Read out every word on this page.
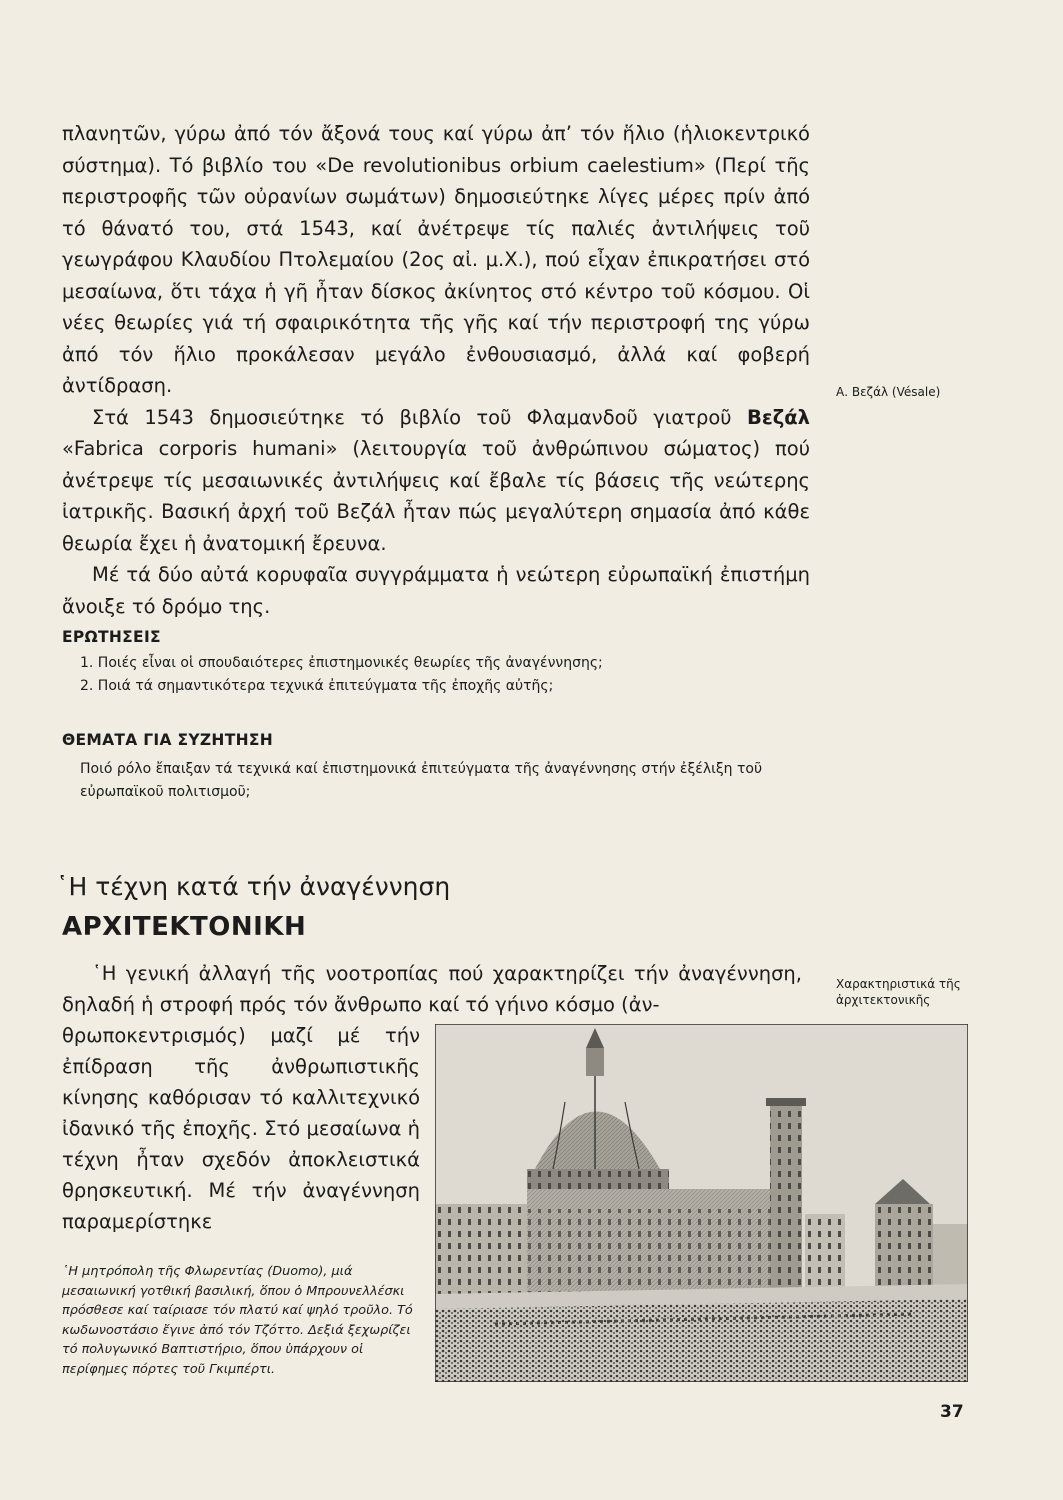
πλανητῶν, γύρω ἀπό τόν ἄξονά τους καί γύρω ἀπ’ τόν ἥλιο (ἡλιοκεντρικό σύστημα). Τό βιβλίο του «De revolutionibus orbium caelestium» (Περί τῆς περιστροφῆς τῶν οὐρανίων σωμάτων) δημοσιεύτηκε λίγες μέρες πρίν ἀπό τό θάνατό του, στά 1543, καί ἀνέτρεψε τίς παλιές ἀντιλήψεις τοῦ γεωγράφου Κλαυδίου Πτολεμαίου (2ος αἰ. μ.Χ.), πού εἶχαν ἐπικρατήσει στό μεσαίωνα, ὅτι τάχα ἡ γῆ ἦταν δίσκος ἀκίνητος στό κέντρο τοῦ κόσμου. Οἱ νέες θεωρίες γιά τή σφαιρικότητα τῆς γῆς καί τήν περιστροφή της γύρω ἀπό τόν ἥλιο προκάλεσαν μεγάλο ἐνθουσιασμό, ἀλλά καί φοβερή ἀντίδραση.

Στά 1543 δημοσιεύτηκε τό βιβλίο τοῦ Φλαμανδοῦ γιατροῦ Βεζάλ «Fabrica corporis humani» (λειτουργία τοῦ ἀνθρώπινου σώματος) πού ἀνέτρεψε τίς μεσαιωνικές ἀντιλήψεις καί ἔβαλε τίς βάσεις τῆς νεώτερης ἰατρικῆς. Βασική ἀρχή τοῦ Βεζάλ ἦταν πώς μεγαλύτερη σημασία ἀπό κάθε θεωρία ἔχει ἡ ἀνατομική ἔρευνα.

Μέ τά δύο αὐτά κορυφαῖα συγγράμματα ἡ νεώτερη εὐρωπαϊκή ἐπιστήμη ἄνοιξε τό δρόμο της.

Α. Βεζάλ (Vésale)
ΕΡΩΤΗΣΕΙΣ
1. Ποιές εἶναι οἱ σπουδαιότερες ἐπιστημονικές θεωρίες τῆς ἀναγέννησης;
2. Ποιά τά σημαντικότερα τεχνικά ἐπιτεύγματα τῆς ἐποχῆς αὐτῆς;
ΘΕΜΑΤΑ ΓΙΑ ΣΥΖΗΤΗΣΗ
Ποιό ρόλο ἔπαιξαν τά τεχνικά καί ἐπιστημονικά ἐπιτεύγματα τῆς ἀναγέννησης στήν ἐξέλιξη τοῦ εὐρωπαϊκοῦ πολιτισμοῦ;
῾Η τέχνη κατά τήν ἀναγέννηση
ΑΡΧΙΤΕΚΤΟΝΙΚΗ

῾Η γενική ἀλλαγή τῆς νοοτροπίας πού χαρακτηρίζει τήν ἀναγέννηση, δηλαδή ἡ στροφή πρός τόν ἄνθρωπο καί τό γήινο κόσμο (ἀν-

θρωποκεντρισμός) μαζί μέ τήν ἐπίδραση τῆς ἀνθρωπιστικῆς κίνησης καθόρισαν τό καλλιτεχνικό ἰδανικό τῆς ἐποχῆς. Στό μεσαίωνα ἡ τέχνη ἦταν σχεδόν ἀποκλειστικά θρησκευτική. Μέ τήν ἀναγέννηση παραμερίστηκε

Χαρακτηριστικά τῆς
ἀρχιτεκτονικῆς
῾Η μητρόπολη τῆς Φλωρεντίας (Duomo), μιά μεσαιωνική γοτθική βασιλική, ὅπου ὁ Μπρουνελλέσκι πρόσθεσε καί ταίριασε τόν πλατύ καί ψηλό τροῦλο. Τό κωδωνοστάσιο ἔγινε ἀπό τόν Τζόττο. Δεξιά ξεχωρίζει τό πολυγωνικό Βαπτιστήριο, ὅπου ὑπάρχουν οἱ περίφημες πόρτες τοῦ Γκιμπέρτι.
37
